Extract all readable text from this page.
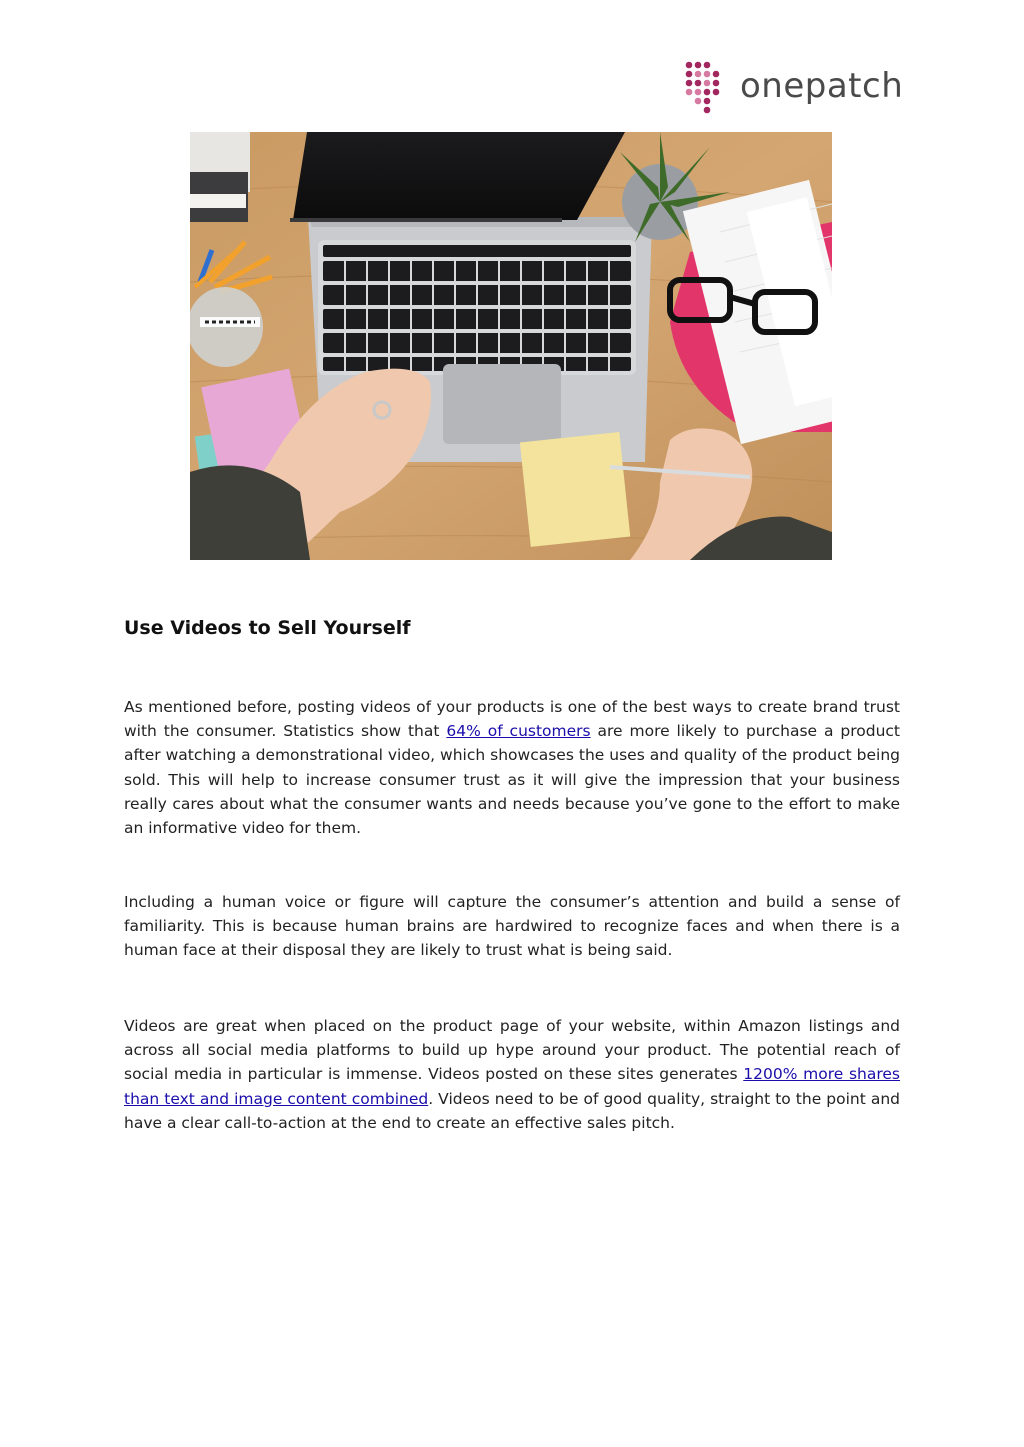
onepatch
Use Videos to Sell Yourself

As mentioned before, posting videos of your products is one of the best ways to create brand trust with the consumer. Statistics show that 64% of customers are more likely to purchase a product after watching a demonstrational video, which showcases the uses and quality of the product being sold. This will help to increase consumer trust as it will give the impression that your business really cares about what the consumer wants and needs because you’ve gone to the effort to make an informative video for them.

Including a human voice or figure will capture the consumer’s attention and build a sense of familiarity. This is because human brains are hardwired to recognize faces and when there is a human face at their disposal they are likely to trust what is being said.

Videos are great when placed on the product page of your website, within Amazon listings and across all social media platforms to build up hype around your product. The potential reach of social media in particular is immense. Videos posted on these sites generates 1200% more shares than text and image content combined. Videos need to be of good quality, straight to the point and have a clear call-to-action at the end to create an effective sales pitch.
